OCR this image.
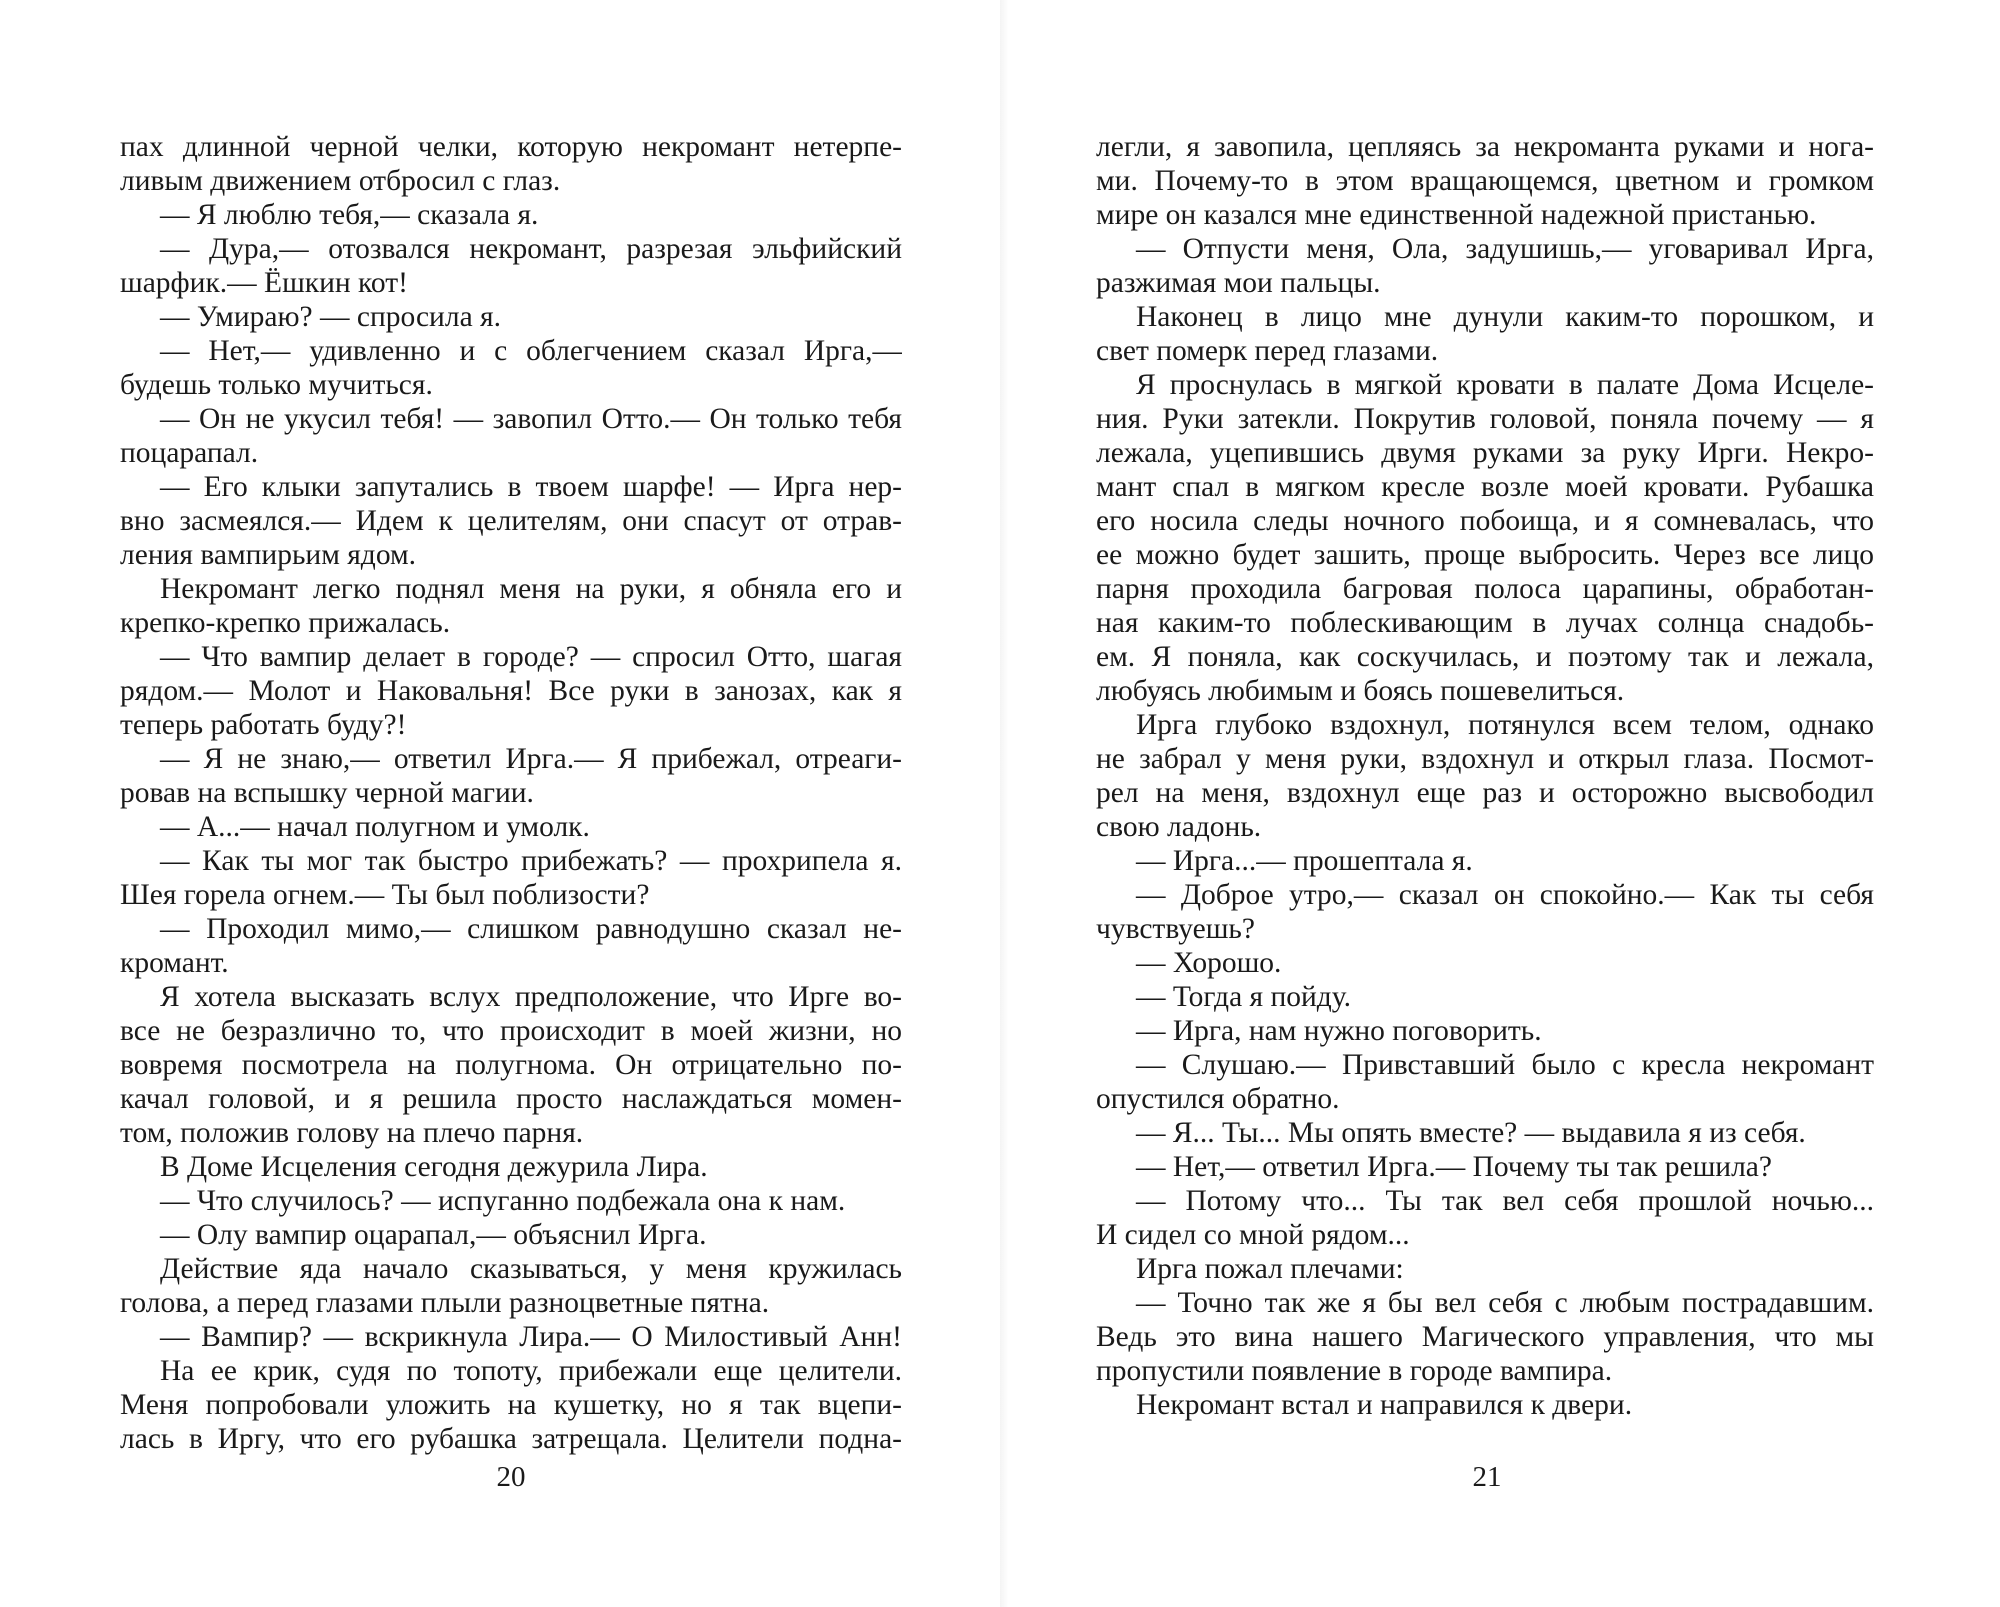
пах длинной черной челки, которую некромант нетерпе-
ливым движением отбросил с глаз.
— Я люблю тебя,— сказала я.
— Дура,— отозвался некромант, разрезая эльфийский
шарфик.— Ёшкин кот!
— Умираю? — спросила я.
— Нет,— удивленно и с облегчением сказал Ирга,—
будешь только мучиться.
— Он не укусил тебя! — завопил Отто.— Он только тебя
поцарапал.
— Его клыки запутались в твоем шарфе! — Ирга нер-
вно засмеялся.— Идем к целителям, они спасут от отрав-
ления вампирьим ядом.
Некромант легко поднял меня на руки, я обняла его и
крепко-крепко прижалась.
— Что вампир делает в городе? — спросил Отто, шагая
рядом.— Молот и Наковальня! Все руки в занозах, как я
теперь работать буду?!
— Я не знаю,— ответил Ирга.— Я прибежал, отреаги-
ровав на вспышку черной магии.
— А...— начал полугном и умолк.
— Как ты мог так быстро прибежать? — прохрипела я.
Шея горела огнем.— Ты был поблизости?
— Проходил мимо,— слишком равнодушно сказал не-
кромант.
Я хотела высказать вслух предположение, что Ирге во-
все не безразлично то, что происходит в моей жизни, но
вовремя посмотрела на полугнома. Он отрицательно по-
качал головой, и я решила просто наслаждаться момен-
том, положив голову на плечо парня.
В Доме Исцеления сегодня дежурила Лира.
— Что случилось? — испуганно подбежала она к нам.
— Олу вампир оцарапал,— объяснил Ирга.
Действие яда начало сказываться, у меня кружилась
голова, а перед глазами плыли разноцветные пятна.
— Вампир? — вскрикнула Лира.— О Милостивый Анн!
На ее крик, судя по топоту, прибежали еще целители.
Меня попробовали уложить на кушетку, но я так вцепи-
лась в Иргу, что его рубашка затрещала. Целители подна-
20
легли, я завопила, цепляясь за некроманта руками и нога-
ми. Почему-то в этом вращающемся, цветном и громком
мире он казался мне единственной надежной пристанью.
— Отпусти меня, Ола, задушишь,— уговаривал Ирга,
разжимая мои пальцы.
Наконец в лицо мне дунули каким-то порошком, и
свет померк перед глазами.
Я проснулась в мягкой кровати в палате Дома Исцеле-
ния. Руки затекли. Покрутив головой, поняла почему — я
лежала, уцепившись двумя руками за руку Ирги. Некро-
мант спал в мягком кресле возле моей кровати. Рубашка
его носила следы ночного побоища, и я сомневалась, что
ее можно будет зашить, проще выбросить. Через все лицо
парня проходила багровая полоса царапины, обработан-
ная каким-то поблескивающим в лучах солнца снадобь-
ем. Я поняла, как соскучилась, и поэтому так и лежала,
любуясь любимым и боясь пошевелиться.
Ирга глубоко вздохнул, потянулся всем телом, однако
не забрал у меня руки, вздохнул и открыл глаза. Посмот-
рел на меня, вздохнул еще раз и осторожно высвободил
свою ладонь.
— Ирга...— прошептала я.
— Доброе утро,— сказал он спокойно.— Как ты себя
чувствуешь?
— Хорошо.
— Тогда я пойду.
— Ирга, нам нужно поговорить.
— Слушаю.— Привставший было с кресла некромант
опустился обратно.
— Я... Ты... Мы опять вместе? — выдавила я из себя.
— Нет,— ответил Ирга.— Почему ты так решила?
— Потому что... Ты так вел себя прошлой ночью...
И сидел со мной рядом...
Ирга пожал плечами:
— Точно так же я бы вел себя с любым пострадавшим.
Ведь это вина нашего Магического управления, что мы
пропустили появление в городе вампира.
Некромант встал и направился к двери.
21
